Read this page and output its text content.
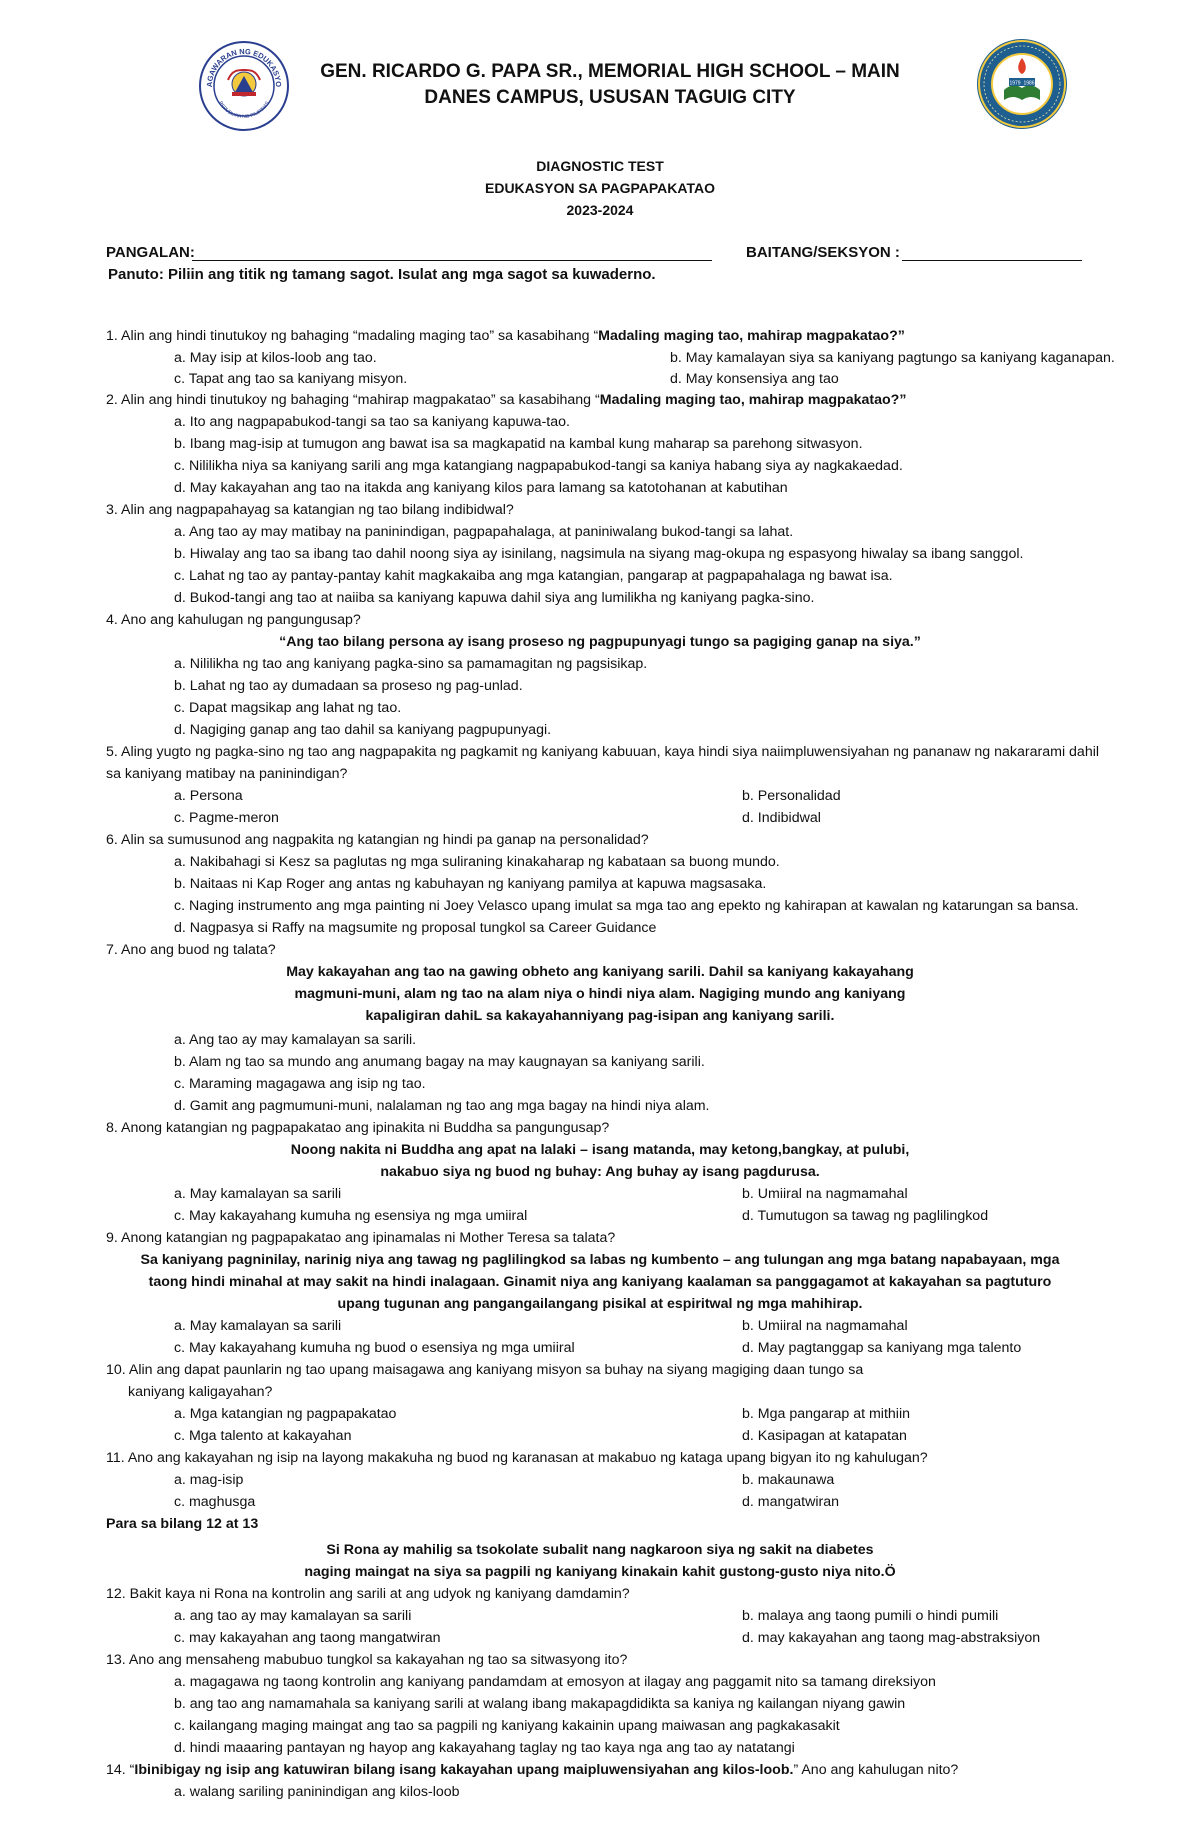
AGAWARAN NG EDUKASYO
REPUBLIKA NG PILIPINAS
1979 1986
GEN. RICARDO G. PAPA SR., MEMORIAL HIGH SCHOOL – MAIN
DANES CAMPUS, USUSAN TAGUIG CITY
DIAGNOSTIC TEST
EDUKASYON SA PAGPAPAKATAO
2023-2024
PANGALAN:	BAITANG/SEKSYON :
Panuto: Piliin ang titik ng tamang sagot. Isulat ang mga sagot sa kuwaderno.
1. Alin ang hindi tinutukoy ng bahaging “madaling maging tao” sa kasabihang “Madaling maging tao, mahirap magpakatao?”
a. May isip at kilos-loob ang tao.	b. May kamalayan siya sa kaniyang pagtungo sa kaniyang kaganapan.
c. Tapat ang tao sa kaniyang misyon.	d. May konsensiya ang tao
2. Alin ang hindi tinutukoy ng bahaging “mahirap magpakatao” sa kasabihang “Madaling maging tao, mahirap magpakatao?”
a. Ito ang nagpapabukod-tangi sa tao sa kaniyang kapuwa-tao.
b. Ibang mag-isip at tumugon ang bawat isa sa magkapatid na kambal kung maharap sa parehong sitwasyon.
c. Nililikha niya sa kaniyang sarili ang mga katangiang nagpapabukod-tangi sa kaniya habang siya ay nagkakaedad.
d. May kakayahan ang tao na itakda ang kaniyang kilos para lamang sa katotohanan at kabutihan
3. Alin ang nagpapahayag sa katangian ng tao bilang indibidwal?
a. Ang tao ay may matibay na paninindigan, pagpapahalaga, at paniniwalang bukod-tangi sa lahat.
b. Hiwalay ang tao sa ibang tao dahil noong siya ay isinilang, nagsimula na siyang mag-okupa ng espasyong hiwalay sa ibang sanggol.
c. Lahat ng tao ay pantay-pantay kahit magkakaiba ang mga katangian, pangarap at pagpapahalaga ng bawat isa.
d. Bukod-tangi ang tao at naiiba sa kaniyang kapuwa dahil siya ang lumilikha ng kaniyang pagka-sino.
4. Ano ang kahulugan ng pangungusap?
“Ang tao bilang persona ay isang proseso ng pagpupunyagi tungo sa pagiging ganap na siya.”
a. Nililikha ng tao ang kaniyang pagka-sino sa pamamagitan ng pagsisikap.
b. Lahat ng tao ay dumadaan sa proseso ng pag-unlad.
c. Dapat magsikap ang lahat ng tao.
d. Nagiging ganap ang tao dahil sa kaniyang pagpupunyagi.
5. Aling yugto ng pagka-sino ng tao ang nagpapakita ng pagkamit ng kaniyang kabuuan, kaya hindi siya naiimpluwensiyahan ng pananaw ng nakararami dahil
sa kaniyang matibay na paninindigan?
a. Persona	b. Personalidad
c. Pagme-meron	d. Indibidwal
6. Alin sa sumusunod ang nagpakita ng katangian ng hindi pa ganap na personalidad?
a. Nakibahagi si Kesz sa paglutas ng mga suliraning kinakaharap ng kabataan sa buong mundo.
b. Naitaas ni Kap Roger ang antas ng kabuhayan ng kaniyang pamilya at kapuwa magsasaka.
c. Naging instrumento ang mga painting ni Joey Velasco upang imulat sa mga tao ang epekto ng kahirapan at kawalan ng katarungan sa bansa.
d. Nagpasya si Raffy na magsumite ng proposal tungkol sa Career Guidance
7. Ano ang buod ng talata?
May kakayahan ang tao na gawing obheto ang kaniyang sarili. Dahil sa kaniyang kakayahang
magmuni-muni, alam ng tao na alam niya o hindi niya alam. Nagiging mundo ang kaniyang
kapaligiran dahiL sa kakayahanniyang pag-isipan ang kaniyang sarili.
a. Ang tao ay may kamalayan sa sarili.
b. Alam ng tao sa mundo ang anumang bagay na may kaugnayan sa kaniyang sarili.
c. Maraming magagawa ang isip ng tao.
d. Gamit ang pagmumuni-muni, nalalaman ng tao ang mga bagay na hindi niya alam.
8. Anong katangian ng pagpapakatao ang ipinakita ni Buddha sa pangungusap?
Noong nakita ni Buddha ang apat na lalaki – isang matanda, may ketong,bangkay, at pulubi,
nakabuo siya ng buod ng buhay: Ang buhay ay isang pagdurusa.
a. May kamalayan sa sarili	b. Umiiral na nagmamahal
c. May kakayahang kumuha ng esensiya ng mga umiiral	d. Tumutugon sa tawag ng paglilingkod
9. Anong katangian ng pagpapakatao ang ipinamalas ni Mother Teresa sa talata?
Sa kaniyang pagninilay, narinig niya ang tawag ng paglilingkod sa labas ng kumbento – ang tulungan ang mga batang napabayaan, mga
taong hindi minahal at may sakit na hindi inalagaan. Ginamit niya ang kaniyang kaalaman sa panggagamot at kakayahan sa pagtuturo
upang tugunan ang pangangailangang pisikal at espiritwal ng mga mahihirap.
a. May kamalayan sa sarili	b. Umiiral na nagmamahal
c. May kakayahang kumuha ng buod o esensiya ng mga umiiral	d. May pagtanggap sa kaniyang mga talento
10. Alin ang dapat paunlarin ng tao upang maisagawa ang kaniyang misyon sa buhay na siyang magiging daan tungo sa
kaniyang kaligayahan?
a. Mga katangian ng pagpapakatao	b. Mga pangarap at mithiin
c. Mga talento at kakayahan	d. Kasipagan at katapatan
11. Ano ang kakayahan ng isip na layong makakuha ng buod ng karanasan at makabuo ng kataga upang bigyan ito ng kahulugan?
a. mag-isip	b. makaunawa
c. maghusga	d. mangatwiran
Para sa bilang 12 at 13
Si Rona ay mahilig sa tsokolate subalit nang nagkaroon siya ng sakit na diabetes
naging maingat na siya sa pagpili ng kaniyang kinakain kahit gustong-gusto niya nito.Ö
12. Bakit kaya ni Rona na kontrolin ang sarili at ang udyok ng kaniyang damdamin?
a. ang tao ay may kamalayan sa sarili	b. malaya ang taong pumili o hindi pumili
c. may kakayahan ang taong mangatwiran	d. may kakayahan ang taong mag-abstraksiyon
13. Ano ang mensaheng mabubuo tungkol sa kakayahan ng tao sa sitwasyong ito?
a. magagawa ng taong kontrolin ang kaniyang pandamdam at emosyon at ilagay ang paggamit nito sa tamang direksiyon
b. ang tao ang namamahala sa kaniyang sarili at walang ibang makapagdidikta sa kaniya ng kailangan niyang gawin
c. kailangang maging maingat ang tao sa pagpili ng kaniyang kakainin upang maiwasan ang pagkakasakit
d. hindi maaaring pantayan ng hayop ang kakayahang taglay ng tao kaya nga ang tao ay natatangi
14. “Ibinibigay ng isip ang katuwiran bilang isang kakayahan upang maipluwensiyahan ang kilos-loob.” Ano ang kahulugan nito?
a. walang sariling paninindigan ang kilos-loob
